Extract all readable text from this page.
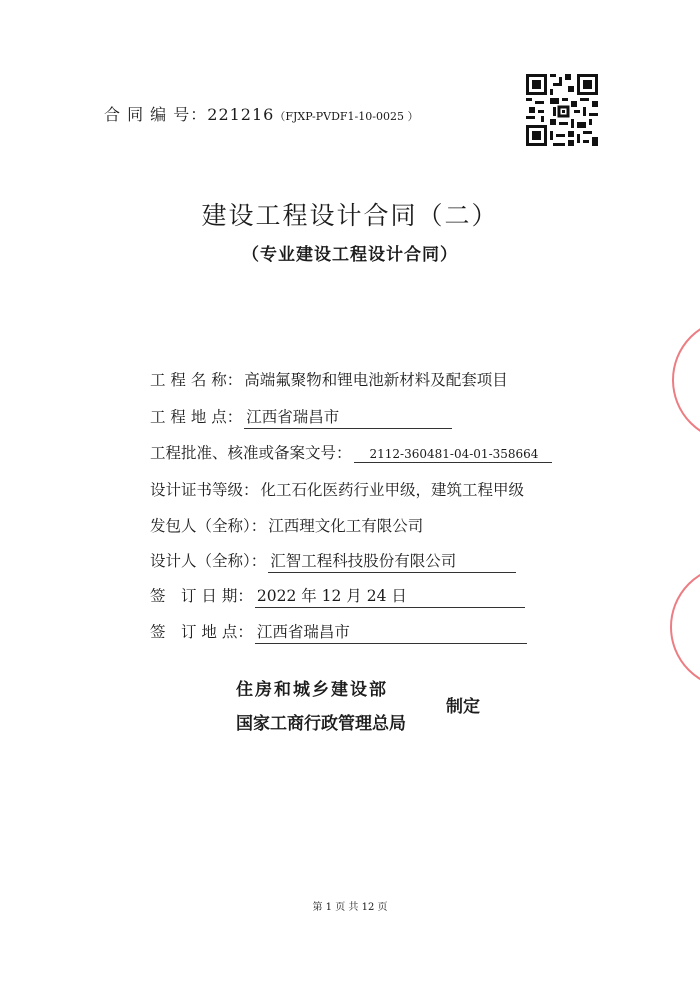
合 同 编 号：221216（FJXP-PVDF1-10-0025 ）
建设工程设计合同（二）
（专业建设工程设计合同）
工 程 名 称： 高端氟聚物和锂电池新材料及配套项目
工 程 地 点： 江西省瑞昌市
工程批准、核准或备案文号：	2112-360481-04-01-358664
设计证书等级： 化工石化医药行业甲级，建筑工程甲级
发包人（全称）： 江西理文化工有限公司
设计人（全称）： 汇智工程科技股份有限公司
签　订 日 期： 2022 年 12 月 24 日
签　订 地 点： 江西省瑞昌市
住房和城乡建设部
国家工商行政管理总局
制定
第 1 页 共 12 页
